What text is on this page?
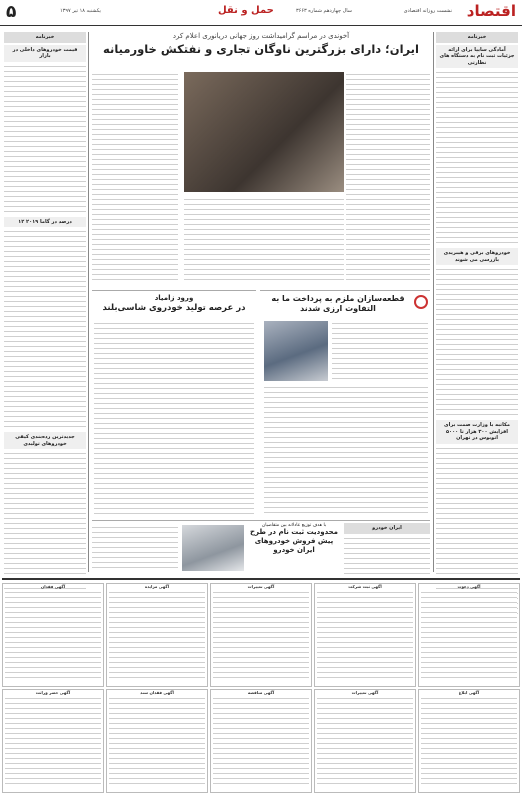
اقتصاد
نشست روزانه اقتصادی
سال چهاردهم شماره ۳۶۶۳
حمل و نقل
یکشنبه ۱۸ تیر ۱۳۹۷
۵
خبرنامه
آمادگی سایپا برای ارائه جزئیات ثبت نام به دستگاه های نظارتی
خودروهای برقی و هیبریدی بازرسی می شوند
مکاتبه با وزارت صمت برای افزایش ۳۰۰ هزار تا ۵۰۰۰ اتوبوس در تهران
خبرنامه
قیمت خودروهای داخلی در بازار
۱۲ درصد در گاما ۲۰۱۹
جدیدترین رده‌بندی کیفی خودروهای تولیدی
آخوندی در مراسم گرامیداشت روز جهانی دریانوری اعلام کرد
ایران؛ دارای بزرگترین ناوگان تجاری و نفتکش خاورمیانه
قطعه‌سازان ملزم به پرداخت ما به التفاوت ارزی شدند
ورود زامیاد
در عرصه تولید خودروی شاسی‌بلند
ایران خودرو
با هدف توزیع عادلانه بین متقاضیان
محدودیت ثبت نام در طرح پیش فروش خودروهای ایران خودرو
آگهی فقدان	آگهی مزایده	آگهی تغییرات	آگهی ثبت شرکت	آگهی دعوت
آگهی حصر وراثت	آگهی فقدان سند	آگهی مناقصه	آگهی تغییرات	آگهی ابلاغ
